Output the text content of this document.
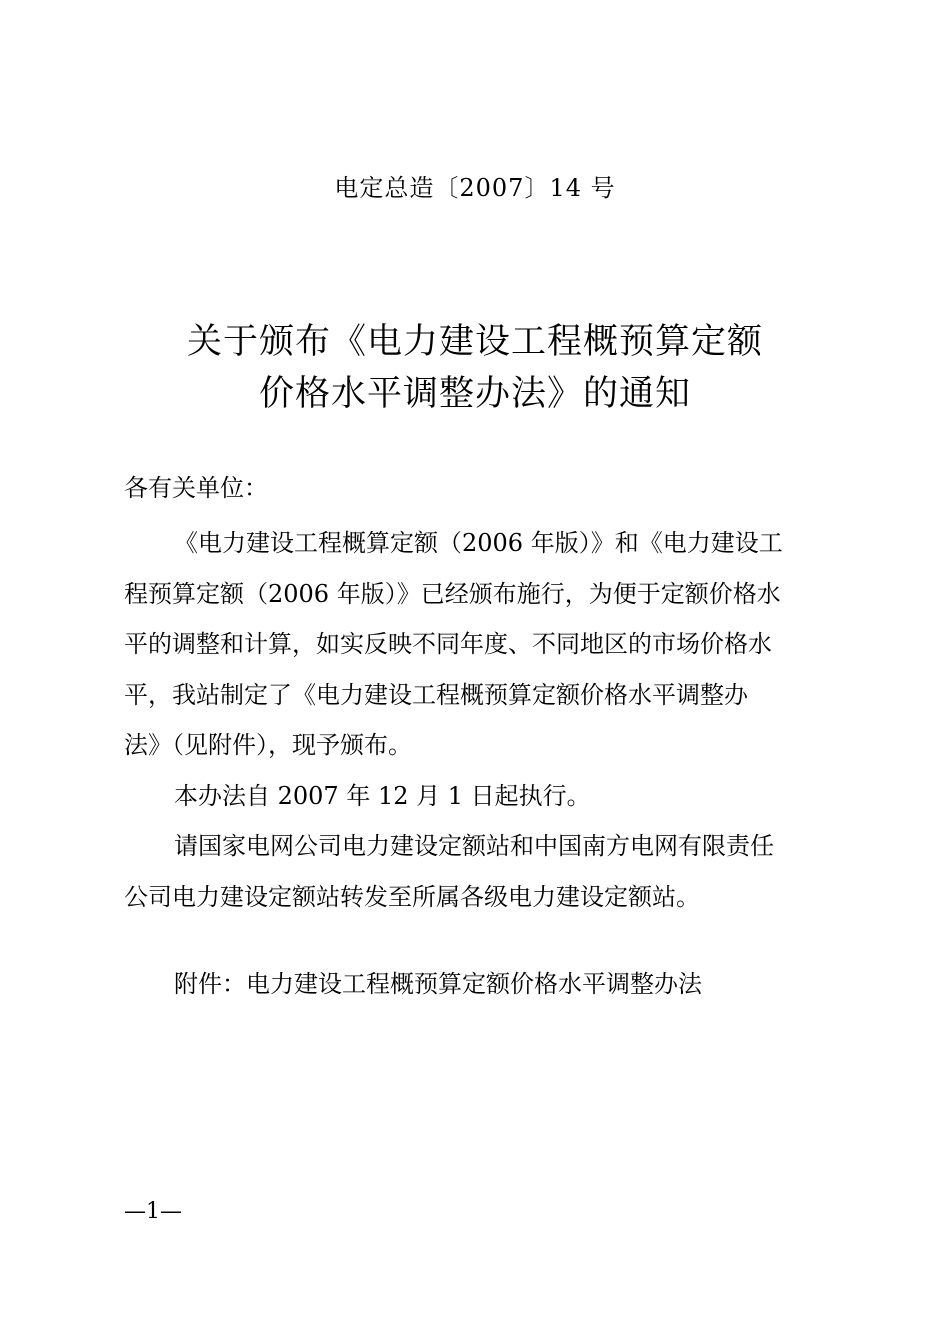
电定总造〔2007〕14 号
关于颁布《电力建设工程概预算定额
价格水平调整办法》的通知
各有关单位：
《电力建设工程概算定额（2006 年版）》和《电力建设工
程预算定额（2006 年版）》已经颁布施行，为便于定额价格水
平的调整和计算，如实反映不同年度、不同地区的市场价格水
平，我站制定了《电力建设工程概预算定额价格水平调整办
法》（见附件），现予颁布。
本办法自 2007 年 12 月 1 日起执行。
请国家电网公司电力建设定额站和中国南方电网有限责任
公司电力建设定额站转发至所属各级电力建设定额站。
附件：电力建设工程概预算定额价格水平调整办法
—1—
